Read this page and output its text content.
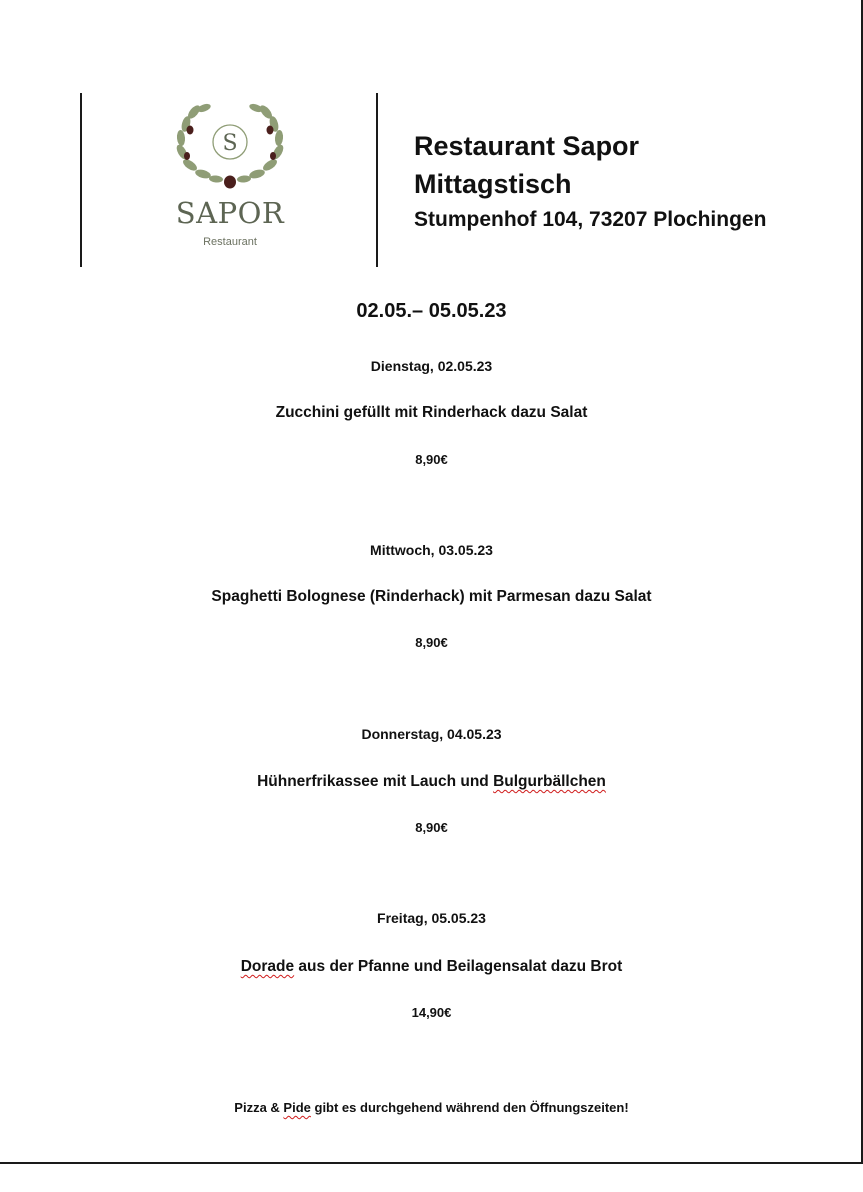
S
SAPOR
Restaurant
Restaurant Sapor
Mittagstisch
Stumpenhof 104, 73207 Plochingen
02.05.– 05.05.23
Dienstag, 02.05.23
Zucchini gefüllt mit Rinderhack dazu Salat
8,90€
Mittwoch, 03.05.23
Spaghetti Bolognese (Rinderhack) mit Parmesan dazu Salat
8,90€
Donnerstag, 04.05.23
Hühnerfrikassee mit Lauch und Bulgurbällchen
8,90€
Freitag, 05.05.23
Dorade aus der Pfanne und Beilagensalat dazu Brot
14,90€
Pizza & Pide gibt es durchgehend während den Öffnungszeiten!
